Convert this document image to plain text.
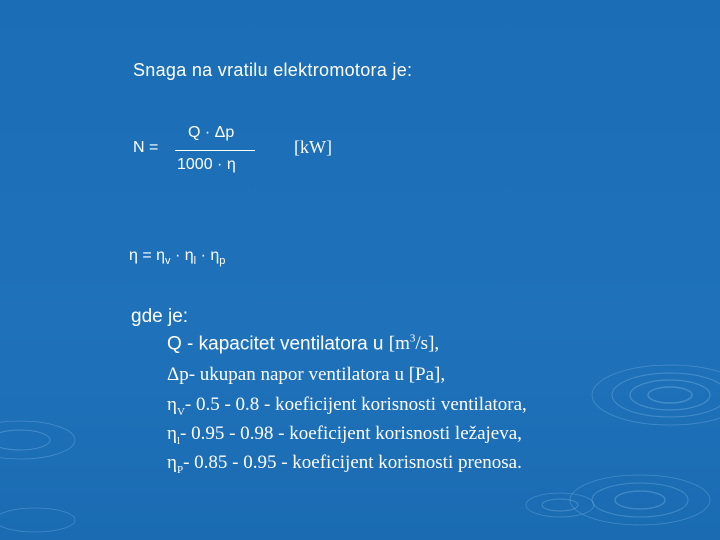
Snaga na vratilu elektromotora je:
N =
Q · Δp
1000 · η
[kW]
$\eta = \eta_v \cdot \eta_l \cdot \eta_p$
gde je:
Q - kapacitet ventilatora u $[m^3/s]$,
Δp- ukupan napor ventilatora u [Pa],
$\eta_V-$ 0.5 - 0.8 - koeficijent korisnosti ventilatora,
$\eta_l-$ 0.95 - 0.98 - koeficijent korisnosti ležajeva,
$\eta_P-$ 0.85 - 0.95 - koeficijent korisnosti prenosa.
